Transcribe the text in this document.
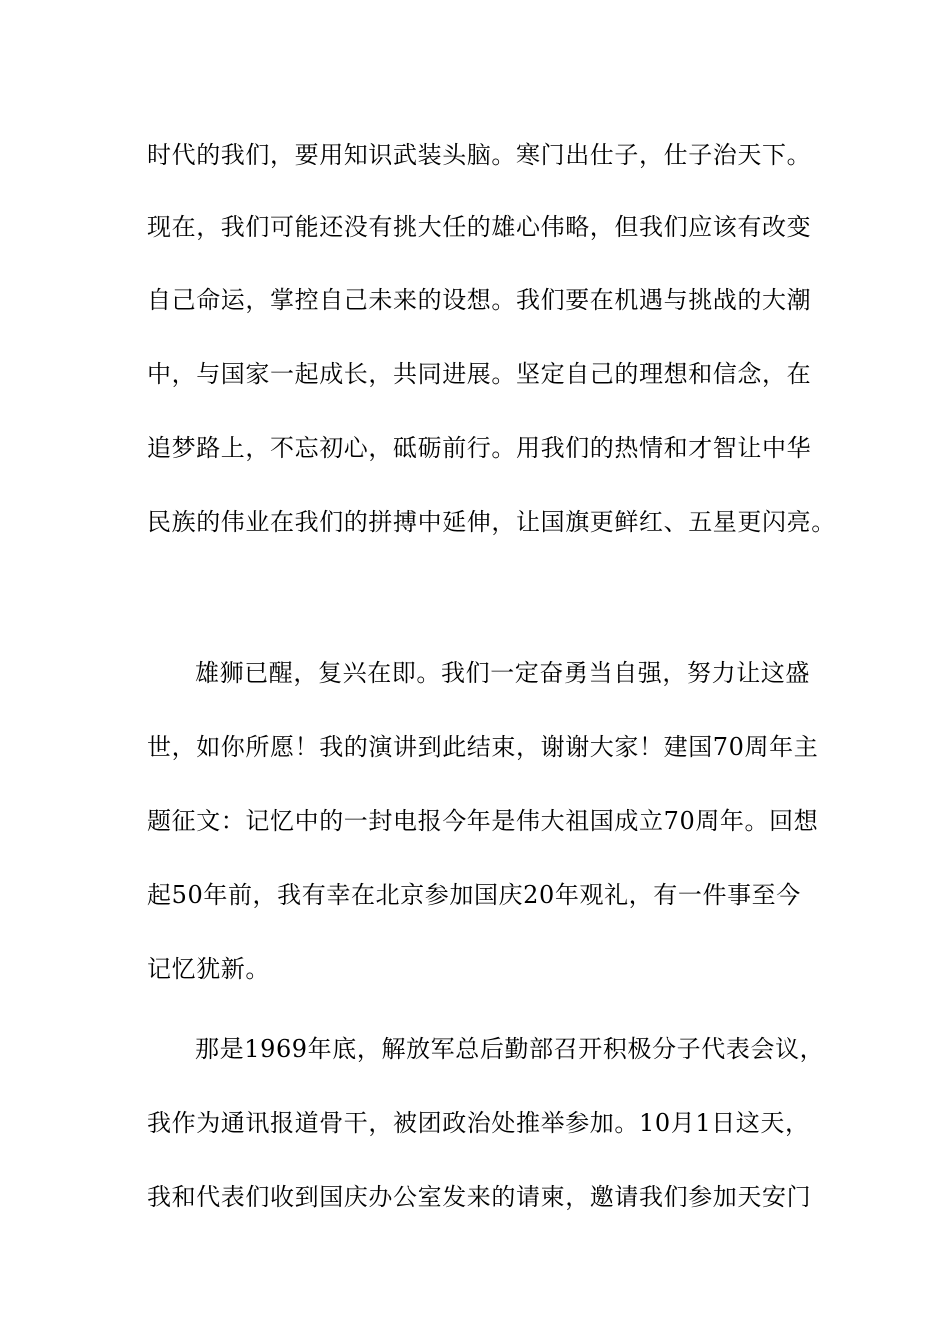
时代的我们，要用知识武装头脑。寒门出仕子，仕子治天下。
现在，我们可能还没有挑大任的雄心伟略，但我们应该有改变
自己命运，掌控自己未来的设想。我们要在机遇与挑战的大潮
中，与国家一起成长，共同进展。坚定自己的理想和信念，在
追梦路上，不忘初心，砥砺前行。用我们的热情和才智让中华
民族的伟业在我们的拼搏中延伸，让国旗更鲜红、五星更闪亮。
雄狮已醒，复兴在即。我们一定奋勇当自强，努力让这盛
世，如你所愿！我的演讲到此结束，谢谢大家！建国70周年主
题征文：记忆中的一封电报今年是伟大祖国成立70周年。回想
起50年前，我有幸在北京参加国庆20年观礼，有一件事至今
记忆犹新。
那是1969年底，解放军总后勤部召开积极分子代表会议，
我作为通讯报道骨干，被团政治处推举参加。10月1日这天，
我和代表们收到国庆办公室发来的请柬，邀请我们参加天安门
